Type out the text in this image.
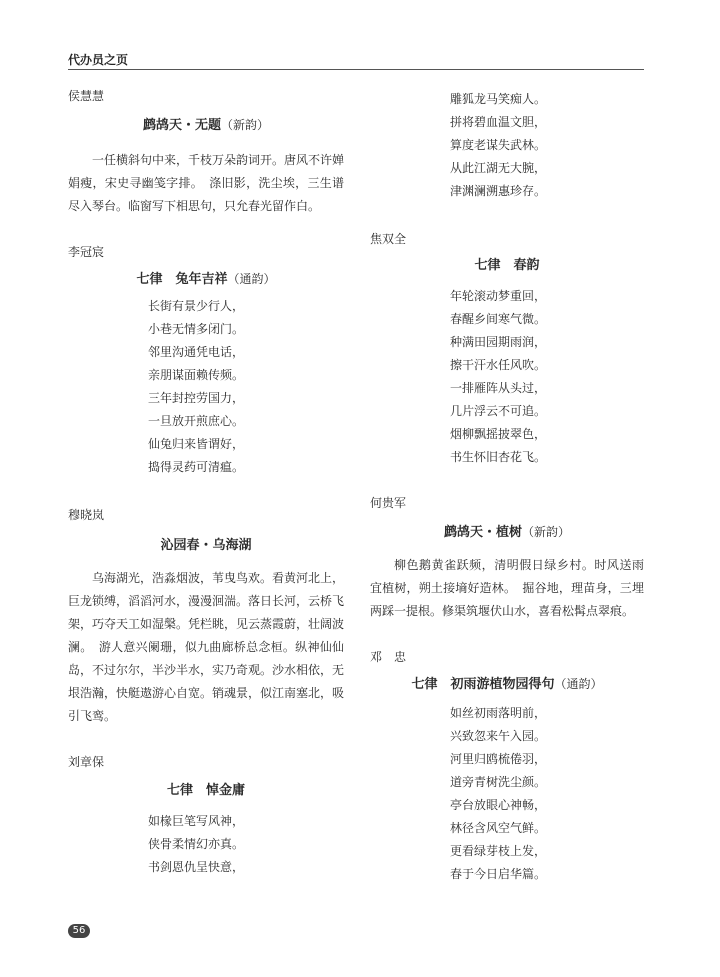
代办员之页

侯慧慧

鹧鸪天・无题（新韵）

一任横斜句中来，千枝万朵韵词开。唐风不许婵娟瘦，宋史寻幽笺字排。　涤旧影，洗尘埃，三生谱尽入琴台。临窗写下相思句，只允春光留作白。

李冠宸

七律　兔年吉祥（通韵）

长街有景少行人，
小巷无情多闭门。
邻里沟通凭电话，
亲朋谋面赖传频。
三年封控劳国力，
一旦放开煎庶心。
仙兔归来皆谓好，
捣得灵药可清瘟。

穆晓岚

沁园春・乌海湖

乌海湖光，浩淼烟波，苇曳鸟欢。看黄河北上，巨龙锁缚，滔滔河水，漫漫洄湍。落日长河，云桥飞架，巧夺天工如湿槃。凭栏眺，见云蒸霞蔚，壮阔波澜。　游人意兴阑珊，似九曲廊桥总念桓。纵神仙仙岛，不过尔尔，半沙半水，实乃奇观。沙水相依，无垠浩瀚，快艇遨游心自宽。销魂景，似江南塞北，吸引飞鸾。

刘章保

七律　悼金庸

如椽巨笔写风神，
侠骨柔情幻亦真。
书剑恩仇呈快意，
雕狐龙马笑痴人。
拼将碧血温文胆，
算度老谋失武林。
从此江湖无大腕，
津渊澜溯惠珍存。

焦双全

七律　春韵

年轮滚动梦重回，
春醒乡间寒气微。
种满田园期雨润，
擦干汗水任风吹。
一排雁阵从头过，
几片浮云不可追。
烟柳飘摇披翠色，
书生怀旧杏花飞。

何贵军

鹧鸪天・植树（新韵）

柳色鹅黄雀跃频，清明假日绿乡村。时风送雨宜植树，朔土接墒好造林。　掘谷地，理苗身，三埋两踩一提根。修渠筑堰伏山水，喜看松髯点翠痕。

邓　忠

七律　初雨游植物园得句（通韵）

如丝初雨落明前，
兴致忽来午入园。
河里归鸥梳倦羽，
道旁青树洗尘颜。
亭台放眼心神畅，
林径含风空气鲜。
更看绿芽枝上发，
春于今日启华篇。
56
